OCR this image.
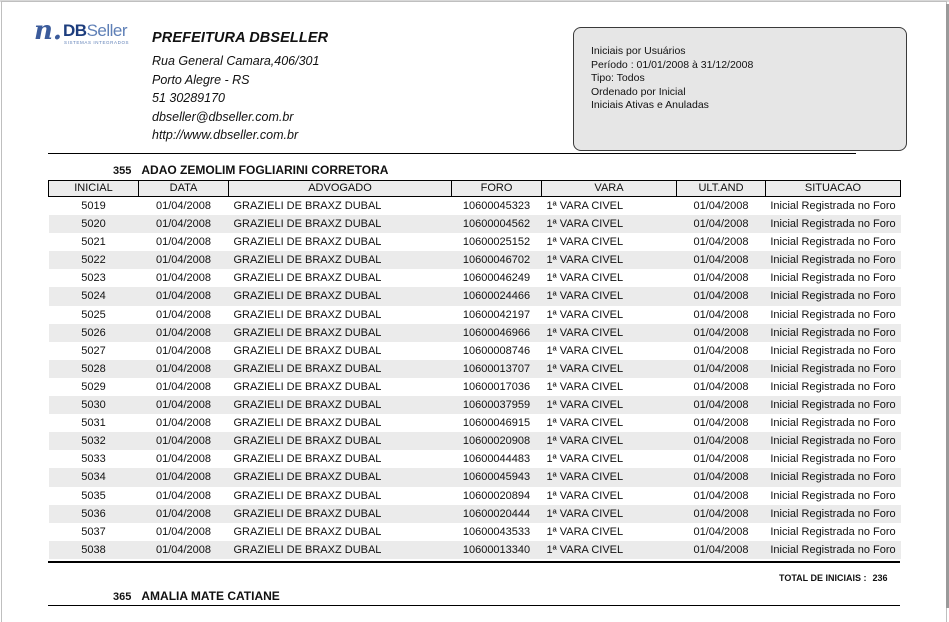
n. DBSeller
SISTEMAS INTEGRADOS PREFEITURA DBSELLER
Rua General Camara,406/301
Porto Alegre - RS
51 30289170
dbseller@dbseller.com.br
http://www.dbseller.com.br
Iniciais por Usuários
Período : 01/01/2008 à 31/12/2008
Tipo: Todos
Ordenado por Inicial
Iniciais Ativas e Anuladas
355 ADAO ZEMOLIM FOGLIARINI CORRETORA
INICIAL	DATA	ADVOGADO	FORO	VARA	ULT.AND	SITUACAO
5019	01/04/2008	GRAZIELI DE BRAXZ DUBAL	10600045323	1ª VARA CIVEL	01/04/2008	Inicial Registrada no Foro
5020	01/04/2008	GRAZIELI DE BRAXZ DUBAL	10600004562	1ª VARA CIVEL	01/04/2008	Inicial Registrada no Foro
5021	01/04/2008	GRAZIELI DE BRAXZ DUBAL	10600025152	1ª VARA CIVEL	01/04/2008	Inicial Registrada no Foro
5022	01/04/2008	GRAZIELI DE BRAXZ DUBAL	10600046702	1ª VARA CIVEL	01/04/2008	Inicial Registrada no Foro
5023	01/04/2008	GRAZIELI DE BRAXZ DUBAL	10600046249	1ª VARA CIVEL	01/04/2008	Inicial Registrada no Foro
5024	01/04/2008	GRAZIELI DE BRAXZ DUBAL	10600024466	1ª VARA CIVEL	01/04/2008	Inicial Registrada no Foro
5025	01/04/2008	GRAZIELI DE BRAXZ DUBAL	10600042197	1ª VARA CIVEL	01/04/2008	Inicial Registrada no Foro
5026	01/04/2008	GRAZIELI DE BRAXZ DUBAL	10600046966	1ª VARA CIVEL	01/04/2008	Inicial Registrada no Foro
5027	01/04/2008	GRAZIELI DE BRAXZ DUBAL	10600008746	1ª VARA CIVEL	01/04/2008	Inicial Registrada no Foro
5028	01/04/2008	GRAZIELI DE BRAXZ DUBAL	10600013707	1ª VARA CIVEL	01/04/2008	Inicial Registrada no Foro
5029	01/04/2008	GRAZIELI DE BRAXZ DUBAL	10600017036	1ª VARA CIVEL	01/04/2008	Inicial Registrada no Foro
5030	01/04/2008	GRAZIELI DE BRAXZ DUBAL	10600037959	1ª VARA CIVEL	01/04/2008	Inicial Registrada no Foro
5031	01/04/2008	GRAZIELI DE BRAXZ DUBAL	10600046915	1ª VARA CIVEL	01/04/2008	Inicial Registrada no Foro
5032	01/04/2008	GRAZIELI DE BRAXZ DUBAL	10600020908	1ª VARA CIVEL	01/04/2008	Inicial Registrada no Foro
5033	01/04/2008	GRAZIELI DE BRAXZ DUBAL	10600044483	1ª VARA CIVEL	01/04/2008	Inicial Registrada no Foro
5034	01/04/2008	GRAZIELI DE BRAXZ DUBAL	10600045943	1ª VARA CIVEL	01/04/2008	Inicial Registrada no Foro
5035	01/04/2008	GRAZIELI DE BRAXZ DUBAL	10600020894	1ª VARA CIVEL	01/04/2008	Inicial Registrada no Foro
5036	01/04/2008	GRAZIELI DE BRAXZ DUBAL	10600020444	1ª VARA CIVEL	01/04/2008	Inicial Registrada no Foro
5037	01/04/2008	GRAZIELI DE BRAXZ DUBAL	10600043533	1ª VARA CIVEL	01/04/2008	Inicial Registrada no Foro
5038	01/04/2008	GRAZIELI DE BRAXZ DUBAL	10600013340	1ª VARA CIVEL	01/04/2008	Inicial Registrada no Foro
TOTAL DE INICIAIS : 236
365 AMALIA MATE CATIANE
